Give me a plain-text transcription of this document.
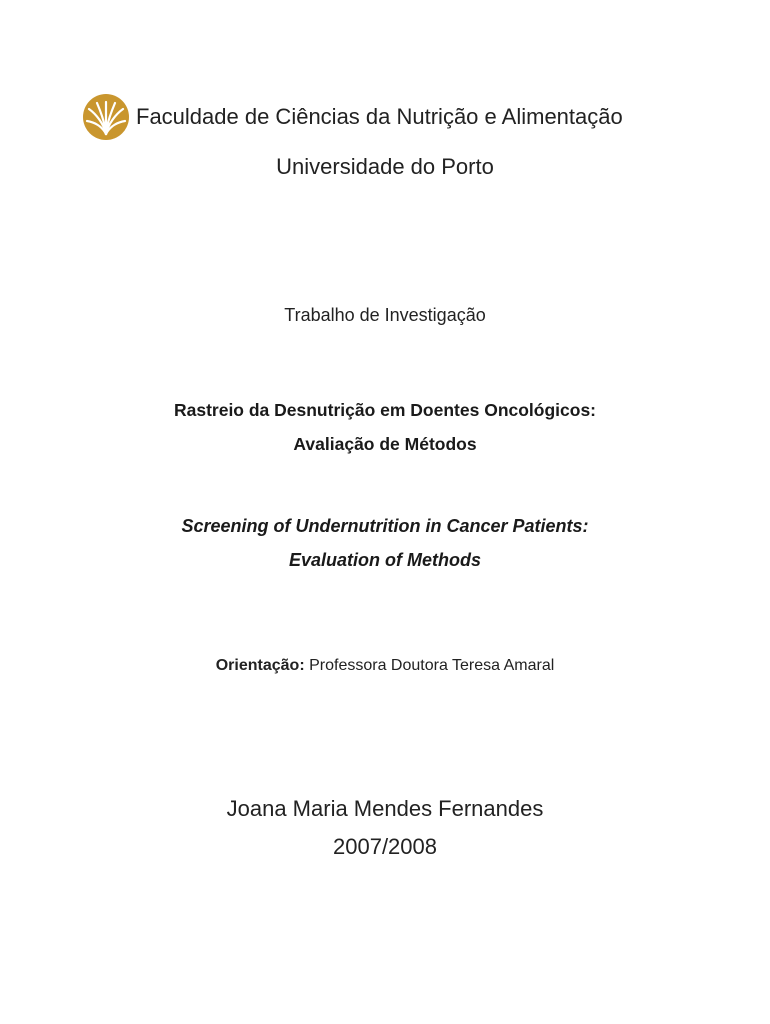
Faculdade de Ciências da Nutrição e Alimentação
Universidade do Porto
Trabalho de Investigação
Rastreio da Desnutrição em Doentes Oncológicos:
Avaliação de Métodos
Screening of Undernutrition in Cancer Patients:
Evaluation of Methods
Orientação: Professora Doutora Teresa Amaral
Joana Maria Mendes Fernandes
2007/2008
